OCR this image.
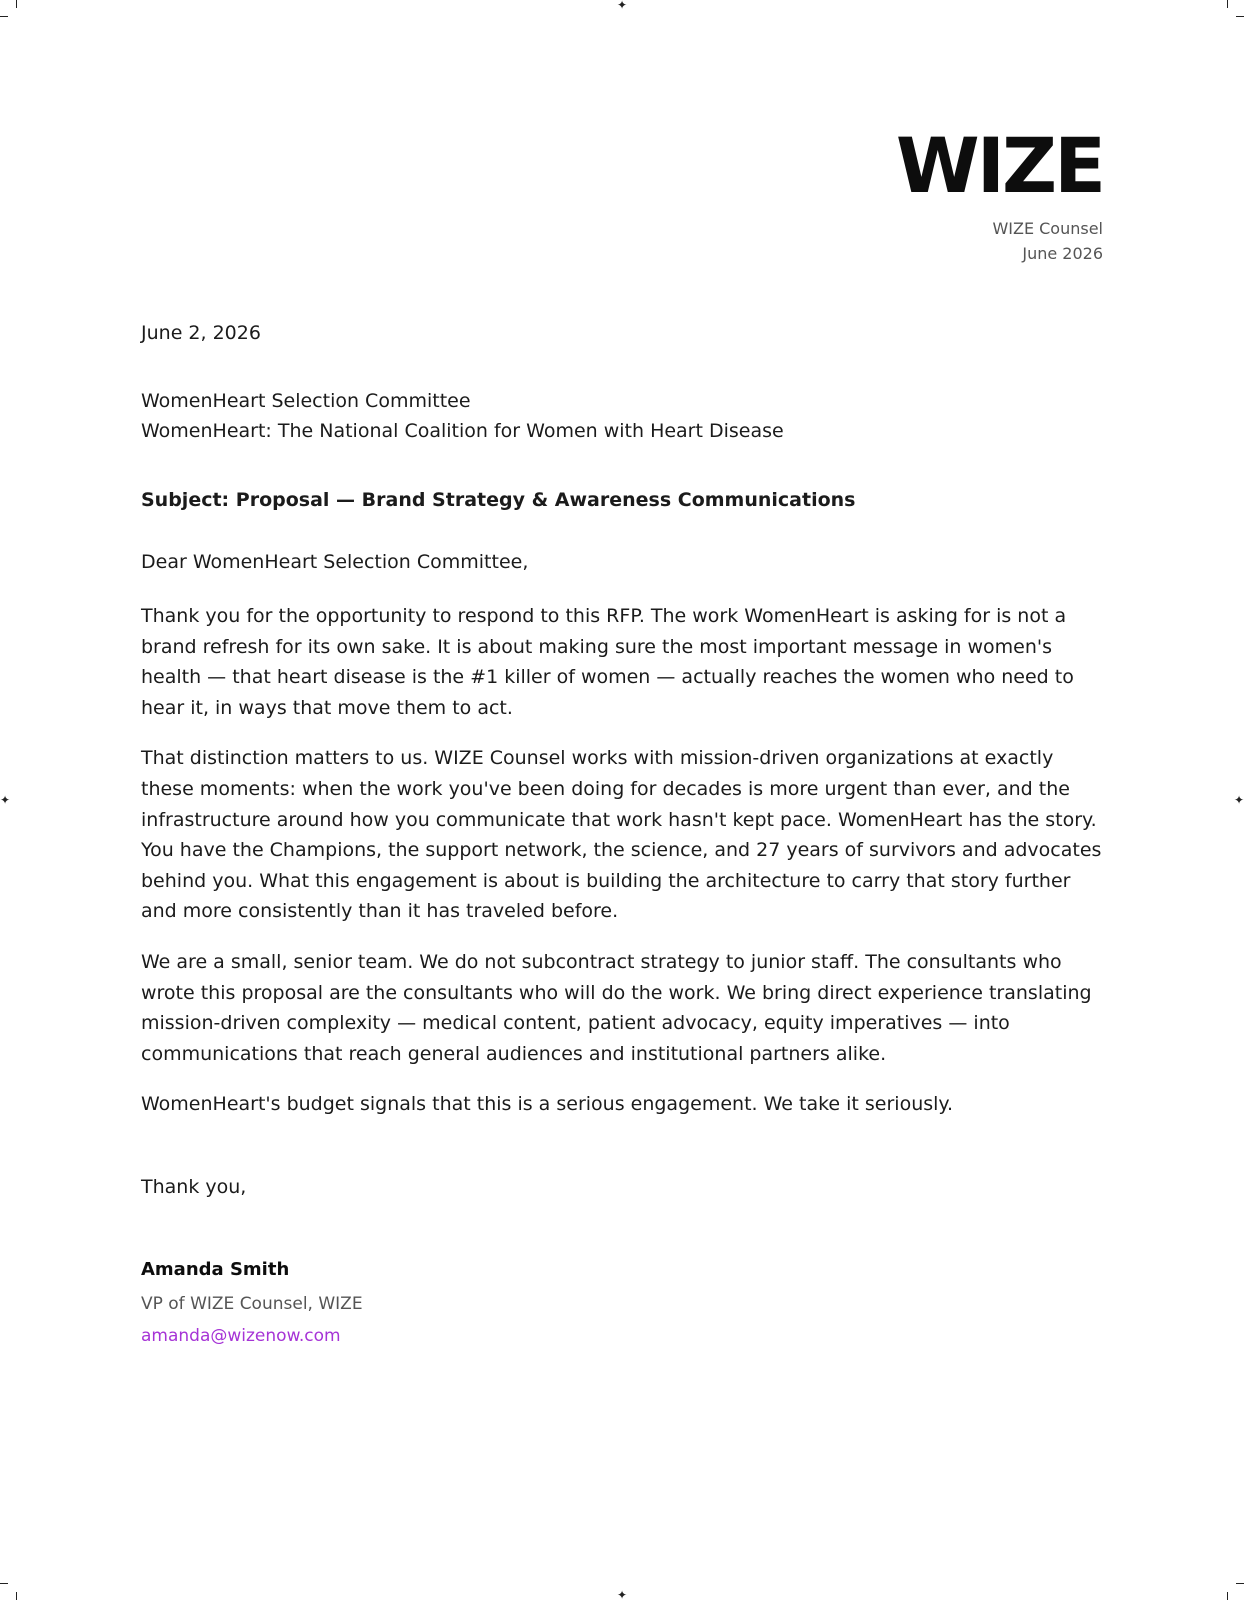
✦
✦
✦	✦
WIZE
WIZE Counsel
June 2026
June 2, 2026
WomenHeart Selection Committee
WomenHeart: The National Coalition for Women with Heart Disease
Subject: Proposal — Brand Strategy & Awareness Communications
Dear WomenHeart Selection Committee,

Thank you for the opportunity to respond to this RFP. The work WomenHeart is asking for is not a brand refresh for its own sake. It is about making sure the most important message in women's health — that heart disease is the #1 killer of women — actually reaches the women who need to hear it, in ways that move them to act.

That distinction matters to us. WIZE Counsel works with mission-driven organizations at exactly these moments: when the work you've been doing for decades is more urgent than ever, and the infrastructure around how you communicate that work hasn't kept pace. WomenHeart has the story. You have the Champions, the support network, the science, and 27 years of survivors and advocates behind you. What this engagement is about is building the architecture to carry that story further and more consistently than it has traveled before.

We are a small, senior team. We do not subcontract strategy to junior staff. The consultants who wrote this proposal are the consultants who will do the work. We bring direct experience translating mission-driven complexity — medical content, patient advocacy, equity imperatives — into communications that reach general audiences and institutional partners alike.

WomenHeart's budget signals that this is a serious engagement. We take it seriously.

Thank you,
Amanda Smith
VP of WIZE Counsel, WIZE
amanda@wizenow.com
